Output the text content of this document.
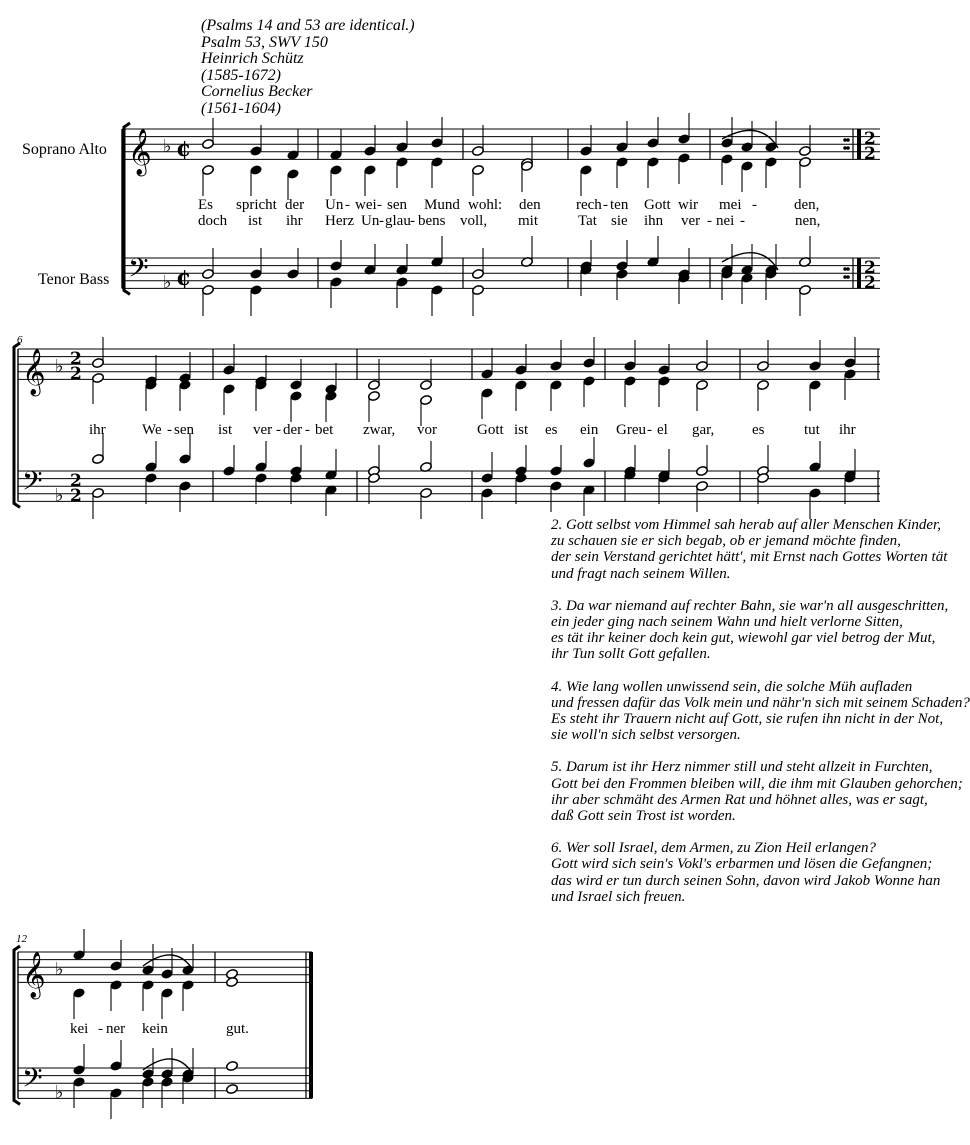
(Psalms 14 and 53 are identical.)
Psalm 53, SWV 150
Heinrich Schütz
(1585-1672)
Cornelius Becker
(1561-1604)
Soprano Alto
Tenor Bass
6
12
𝄞
𝄢
♭
♭
¢
¢
2
2
2
2
𝄞
𝄢
♭
♭
2
2
2
2
𝄞
𝄢
♭
♭
Es spricht der Un - wei - sen Mund wohl: den rech - ten Gott wir mei - den,
doch ist ihr Herz Un - glau - bens voll, mit	Tat sie ihn ver - nei -	nen,
ihr We - sen ist ver - der - bet zwar, vor	Gott ist es ein Greu - el gar,	es	tut ihr
kei - ner kein	gut.
2. Gott selbst vom Himmel sah herab auf aller Menschen Kinder,
zu schauen sie er sich begab, ob er jemand möchte finden,
der sein Verstand gerichtet hätt', mit Ernst nach Gottes Worten tät
und fragt nach seinem Willen.
3. Da war niemand auf rechter Bahn, sie war'n all ausgeschritten,
ein jeder ging nach seinem Wahn und hielt verlorne Sitten,
es tät ihr keiner doch kein gut, wiewohl gar viel betrog der Mut,
ihr Tun sollt Gott gefallen.
4. Wie lang wollen unwissend sein, die solche Müh aufladen
und fressen dafür das Volk mein und nähr'n sich mit seinem Schaden?
Es steht ihr Trauern nicht auf Gott, sie rufen ihn nicht in der Not,
sie woll'n sich selbst versorgen.
5. Darum ist ihr Herz nimmer still und steht allzeit in Furchten,
Gott bei den Frommen bleiben will, die ihm mit Glauben gehorchen;
ihr aber schmäht des Armen Rat und höhnet alles, was er sagt,
daß Gott sein Trost ist worden.
6. Wer soll Israel, dem Armen, zu Zion Heil erlangen?
Gott wird sich sein's Vokl's erbarmen und lösen die Gefangnen;
das wird er tun durch seinen Sohn, davon wird Jakob Wonne han
und Israel sich freuen.
